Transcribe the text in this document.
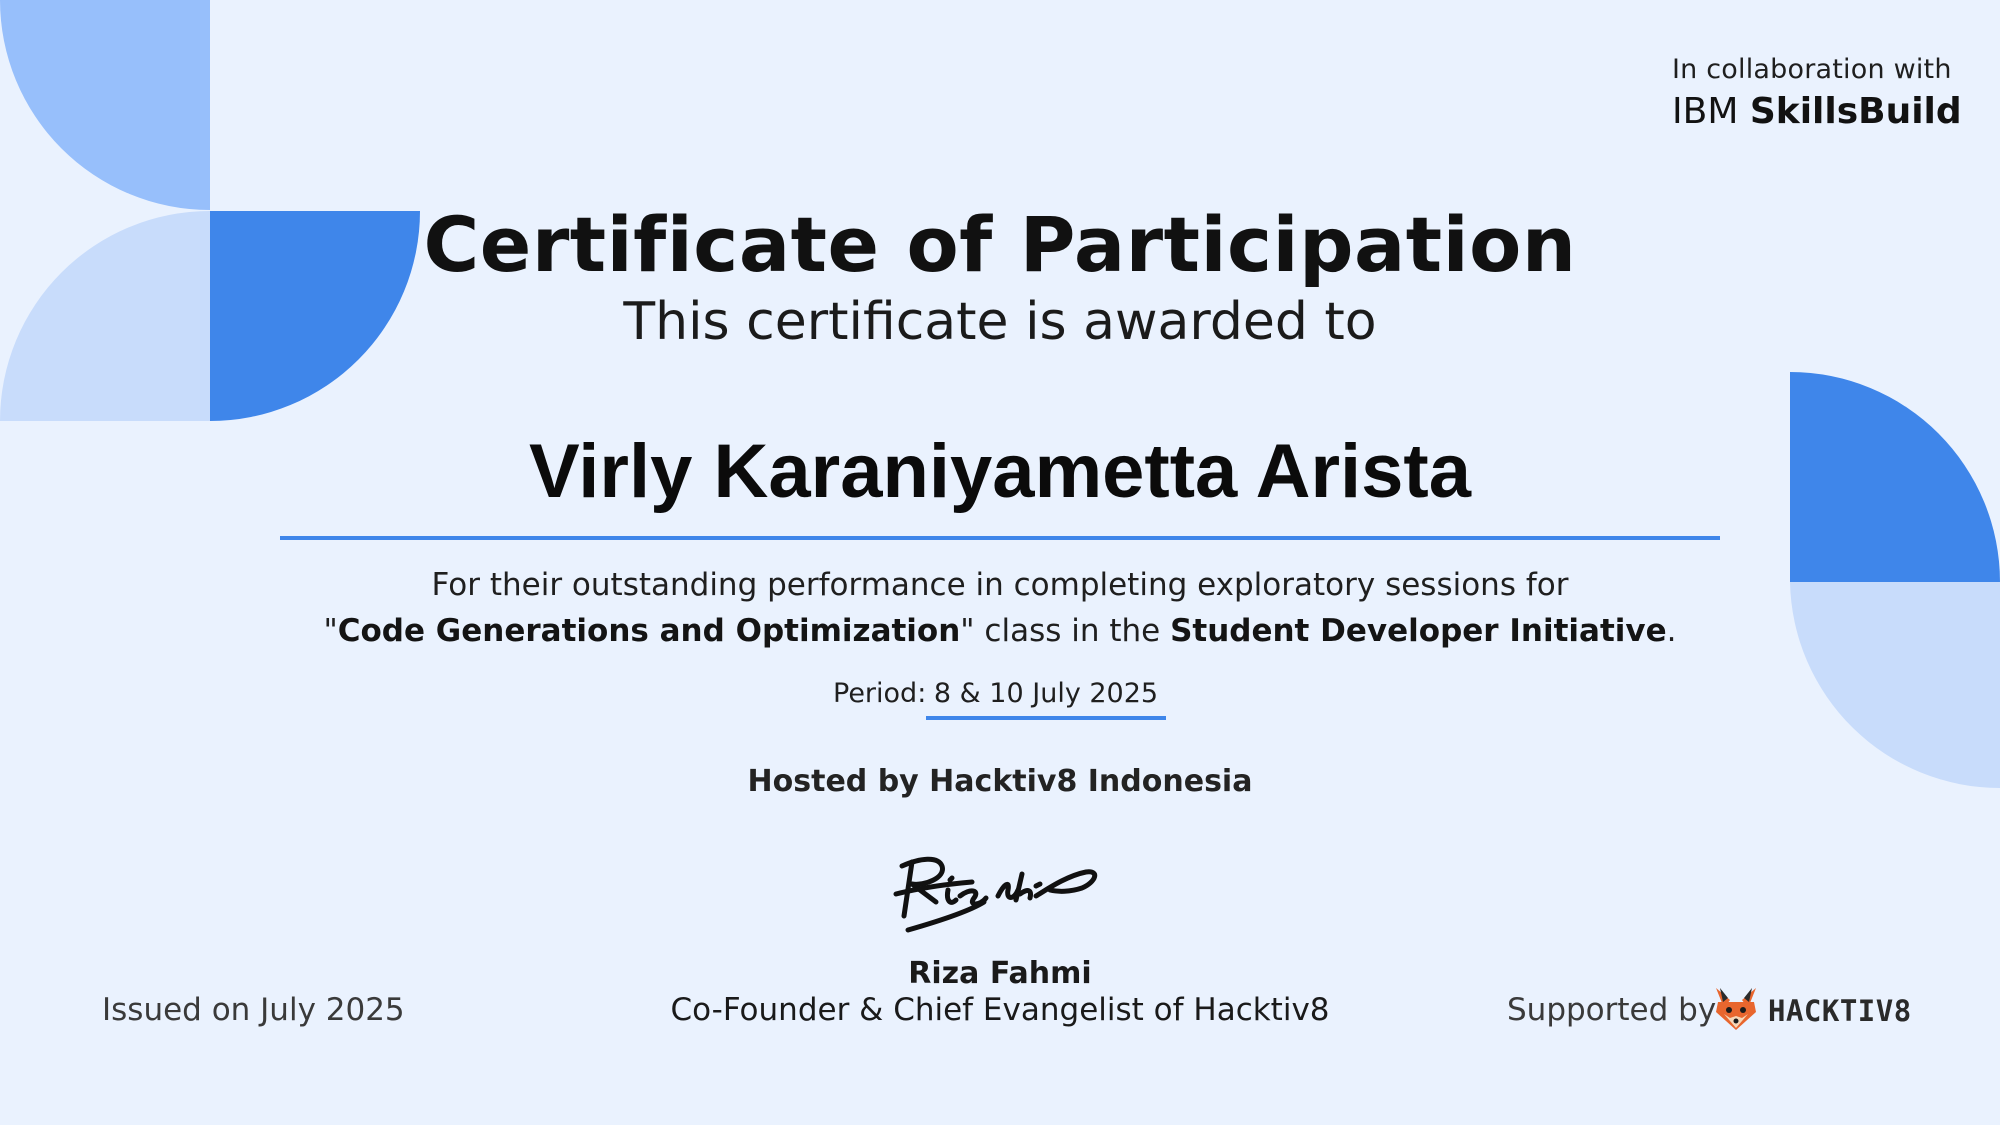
In collaboration with
IBM SkillsBuild
Certificate of Participation
This certificate is awarded to
Virly Karaniyametta Arista
For their outstanding performance in completing exploratory sessions for
"Code Generations and Optimization" class in the Student Developer Initiative.
Period: 8 & 10 July 2025
Hosted by Hacktiv8 Indonesia
Riza Fahmi
Co-Founder & Chief Evangelist of Hacktiv8
Issued on July 2025	Supported by HACKTIV8
